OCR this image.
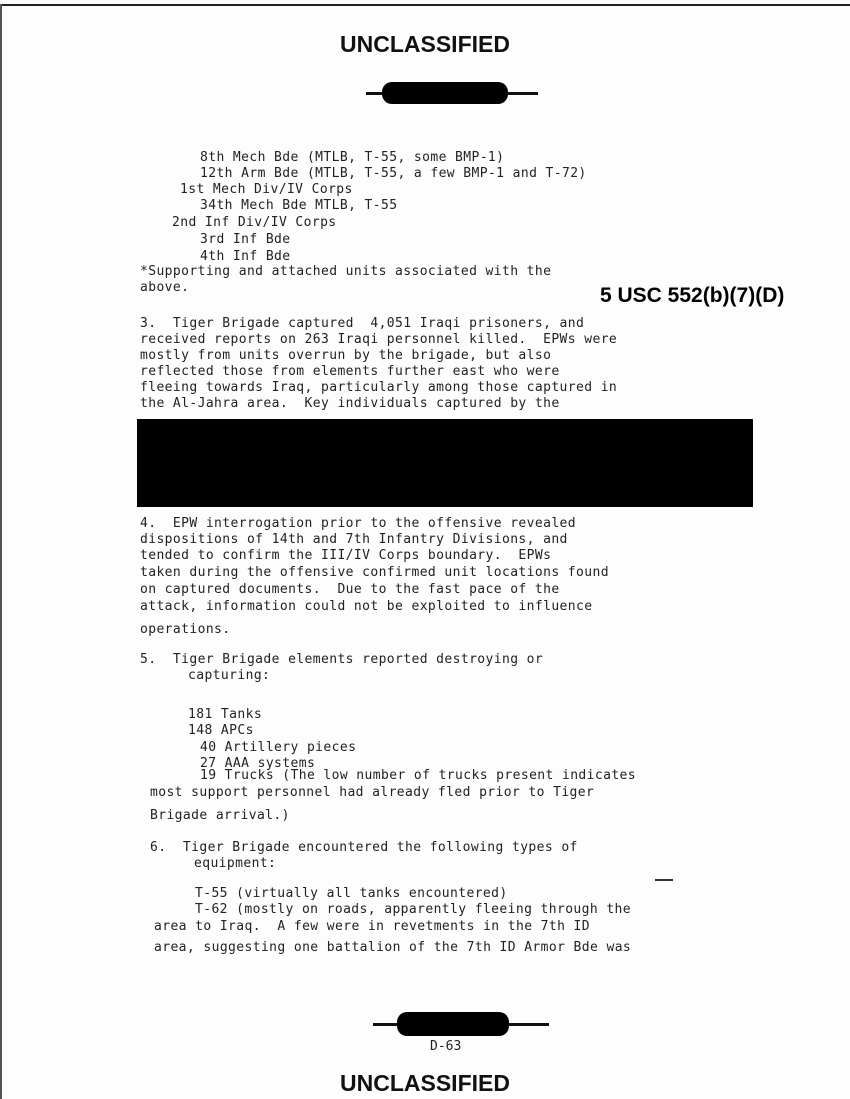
UNCLASSIFIED
8th Mech Bde (MTLB, T-55, some BMP-1)
12th Arm Bde (MTLB, T-55, a few BMP-1 and T-72)
1st Mech Div/IV Corps
34th Mech Bde MTLB, T-55
2nd Inf Div/IV Corps
3rd Inf Bde
4th Inf Bde
*Supporting and attached units associated with the
above.	5 USC 552(b)(7)(D)
3.  Tiger Brigade captured  4,051 Iraqi prisoners, and
received reports on 263 Iraqi personnel killed.  EPWs were
mostly from units overrun by the brigade, but also
reflected those from elements further east who were
fleeing towards Iraq, particularly among those captured in
the Al-Jahra area.  Key individuals captured by the
4.  EPW interrogation prior to the offensive revealed
dispositions of 14th and 7th Infantry Divisions, and
tended to confirm the III/IV Corps boundary.  EPWs
taken during the offensive confirmed unit locations found
on captured documents.  Due to the fast pace of the
attack, information could not be exploited to influence
operations.
5.  Tiger Brigade elements reported destroying or
capturing:
181 Tanks
148 APCs
40 Artillery pieces
27 AAA systems
19 Trucks (The low number of trucks present indicates
most support personnel had already fled prior to Tiger
Brigade arrival.)
6.  Tiger Brigade encountered the following types of
equipment:
T-55 (virtually all tanks encountered)
T-62 (mostly on roads, apparently fleeing through the
area to Iraq.  A few were in revetments in the 7th ID
area, suggesting one battalion of the 7th ID Armor Bde was
D-63
UNCLASSIFIED
